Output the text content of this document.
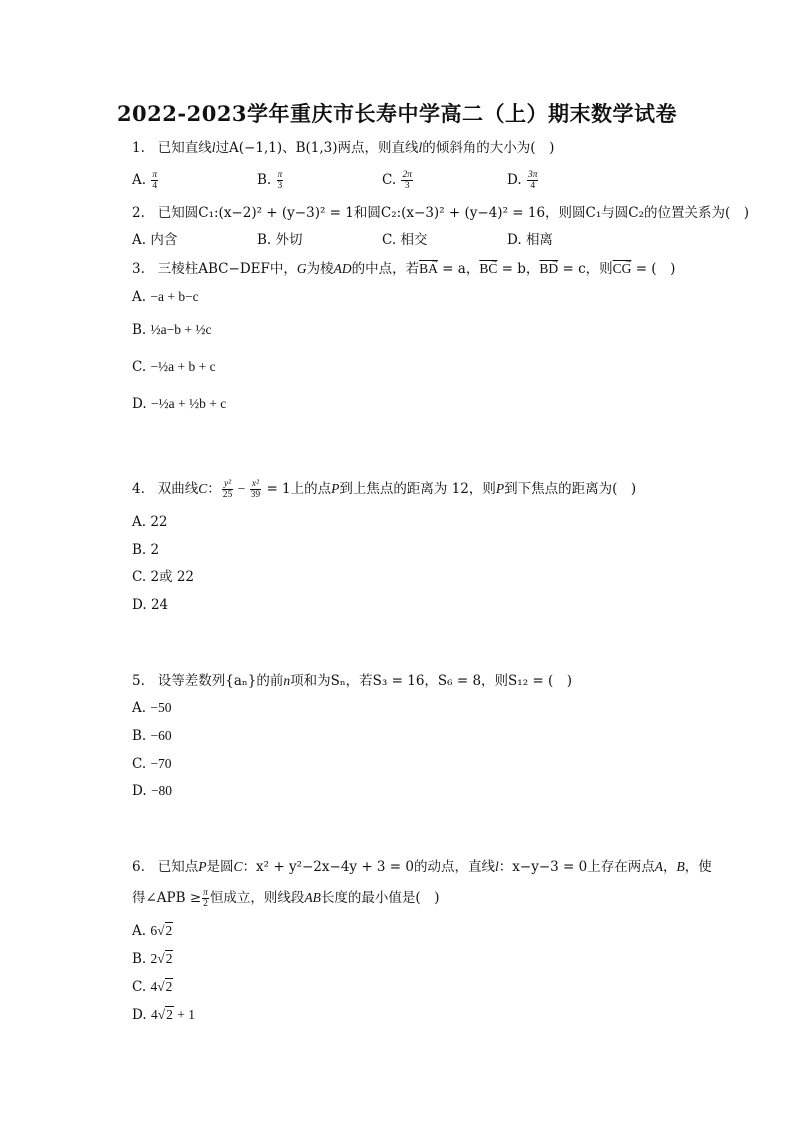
2022-2023学年重庆市长寿中学高二（上）期末数学试卷
1. 已知直线l过A(−1,1)、B(1,3)两点，则直线l的倾斜角的大小为(　)
A. $\frac{\pi}{4}$	B. $\frac{\pi}{3}$	C. $\frac{2\pi}{3}$	D. $\frac{3\pi}{4}$
2. 已知圆C₁:(x−2)² + (y−3)² = 1和圆C₂:(x−3)² + (y−4)² = 16，则圆C₁与圆C₂的位置关系为(　)
A. 内含	B. 外切	C. 相交	D. 相离
3. 三棱柱ABC−DEF中，G为棱AD的中点，若→ $\overline{BA} = a$，→ $\overline{BC} = b$，→ $\overline{BD} = c$，则→ $\overline{CG}$ = (　)
A. −a + b−c
B. ½a−b + ½c
C. −½a + b + c
D. −½a + ½b + c
4. 双曲线C： $\frac{\text{y²}}{25} - \frac{\text{x²}}{39} = 1$上的点P到上焦点的距离为 12，则P到下焦点的距离为(　)
A. 22
B. 2
C. 2或 22
D. 24
5. 设等差数列{aₙ}的前n项和为Sₙ，若S₃ = 16，S₆ = 8，则S₁₂ = (　)
A. −50
B. −60
C. −70
D. −80
6. 已知点P是圆C：x² + y²−2x−4y + 3 = 0的动点，直线l：x−y−3 = 0上存在两点A，B，使
得∠APB ≥ $\frac{\pi}{2}$ 恒成立，则线段AB长度的最小值是(　)
A. 6√2
B. 2√2
C. 4√2
D. 4√2 + 1
